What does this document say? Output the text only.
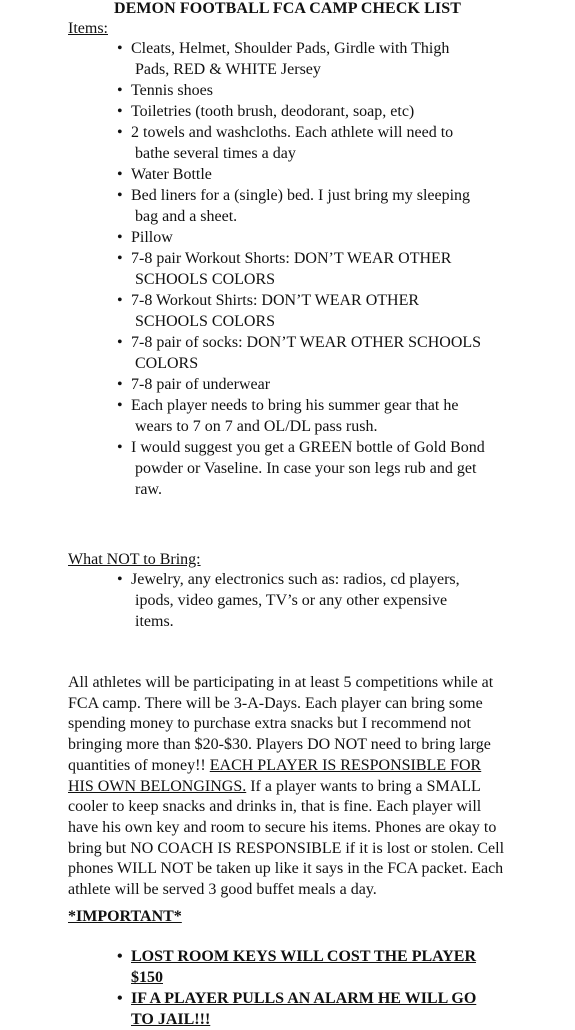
DEMON FOOTBALL FCA CAMP CHECK LIST
Items:
• Cleats, Helmet, Shoulder Pads, Girdle with Thigh
Pads, RED & WHITE Jersey
• Tennis shoes
• Toiletries (tooth brush, deodorant, soap, etc)
• 2 towels and washcloths. Each athlete will need to
bathe several times a day
• Water Bottle
• Bed liners for a (single) bed. I just bring my sleeping
bag and a sheet.
• Pillow
• 7-8 pair Workout Shorts: DON’T WEAR OTHER
SCHOOLS COLORS
• 7-8 Workout Shirts: DON’T WEAR OTHER
SCHOOLS COLORS
• 7-8 pair of socks: DON’T WEAR OTHER SCHOOLS
COLORS
• 7-8 pair of underwear
• Each player needs to bring his summer gear that he
wears to 7 on 7 and OL/DL pass rush.
• I would suggest you get a GREEN bottle of Gold Bond
powder or Vaseline. In case your son legs rub and get
raw.
What NOT to Bring:
• Jewelry, any electronics such as: radios, cd players,
ipods, video games, TV’s or any other expensive
items.
All athletes will be participating in at least 5 competitions while at FCA camp. There will be 3-A-Days. Each player can bring some spending money to purchase extra snacks but I recommend not bringing more than $20-$30. Players DO NOT need to bring large quantities of money!! EACH PLAYER IS RESPONSIBLE FOR HIS OWN BELONGINGS. If a player wants to bring a SMALL cooler to keep snacks and drinks in, that is fine. Each player will have his own key and room to secure his items. Phones are okay to bring but NO COACH IS RESPONSIBLE if it is lost or stolen. Cell phones WILL NOT be taken up like it says in the FCA packet. Each athlete will be served 3 good buffet meals a day.
*IMPORTANT*
• LOST ROOM KEYS WILL COST THE PLAYER
$150
• IF A PLAYER PULLS AN ALARM HE WILL GO
TO JAIL!!!
